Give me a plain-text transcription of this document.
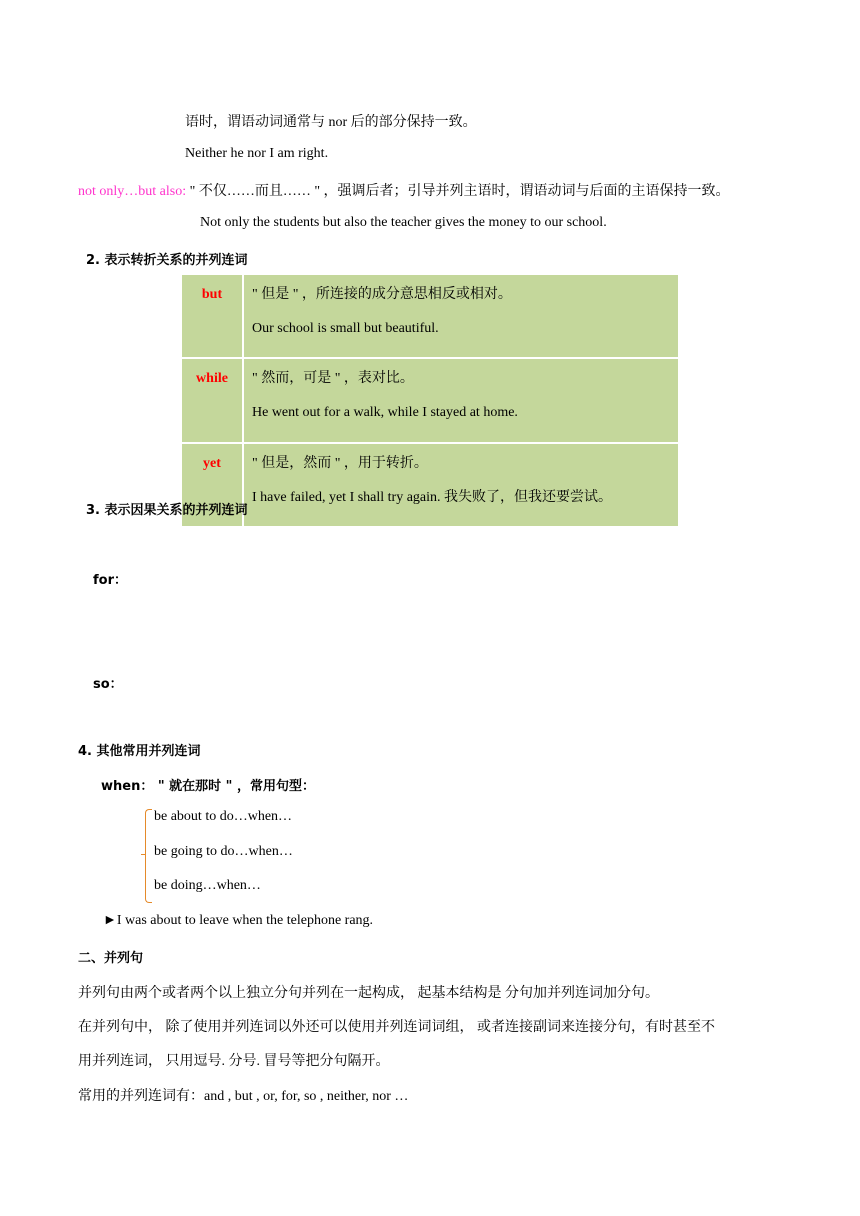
语时，谓语动词通常与 nor 后的部分保持一致。
Neither he nor I am right.
not only…but also: " 不仅……而且…… " ，强调后者；引导并列主语时，谓语动词与后面的主语保持一致。
Not only the students but also the teacher gives the money to our school.
2. 表示转折关系的并列连词
but	" 但是 " ，所连接的成分意思相反或相对。
Our school is small but beautiful.

while	" 然而，可是 " ，表对比。
He went out for a walk, while I stayed at home.

yet	" 但是，然而 " ，用于转折。
I have failed, yet I shall try again. 我失败了，但我还要尝试。
3. 表示因果关系的并列连词
for：
so：
4. 其他常用并列连词
when： " 就在那时 " ，常用句型：
be about to do…when…
be going to do…when…
be doing…when…
►I was about to leave when the telephone rang.
二、并列句
并列句由两个或者两个以上独立分句并列在一起构成， 起基本结构是 分句加并列连词加分句。
在并列句中， 除了使用并列连词以外还可以使用并列连词词组， 或者连接副词来连接分句，有时甚至不
用并列连词， 只用逗号. 分号. 冒号等把分句隔开。
常用的并列连词有：and , but , or, for, so , neither, nor …
